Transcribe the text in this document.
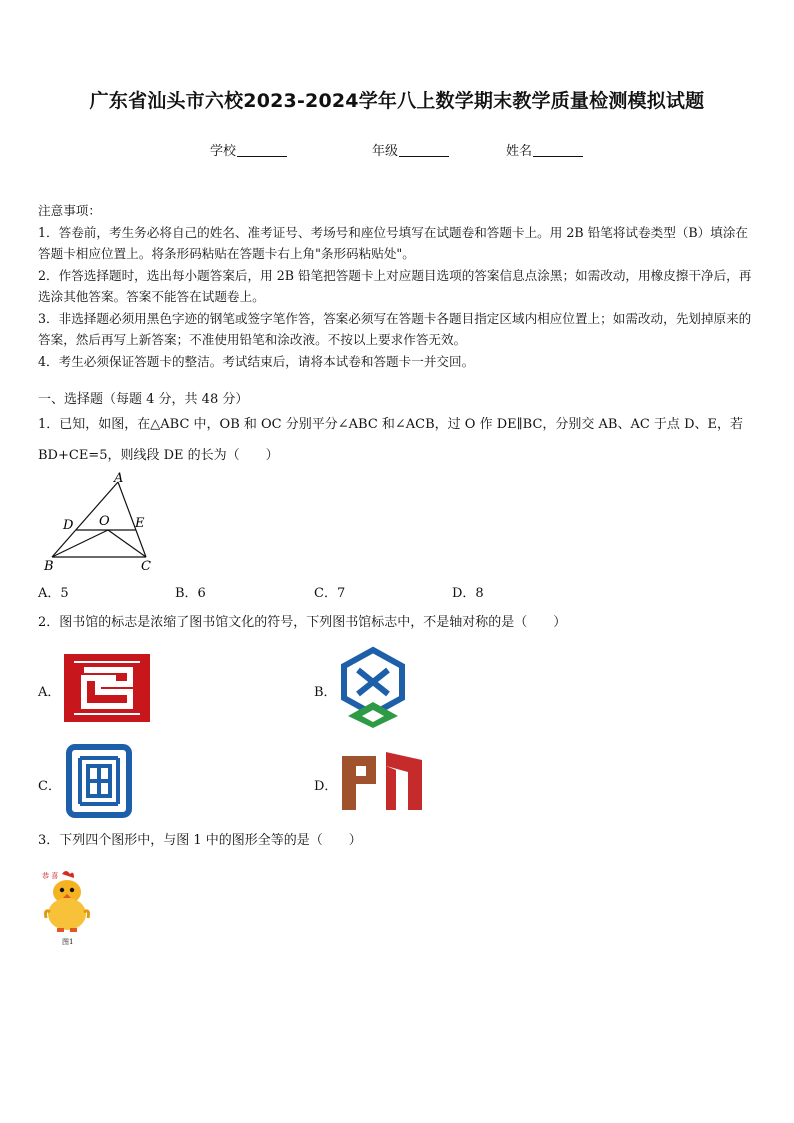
广东省汕头市六校2023-2024学年八上数学期末教学质量检测模拟试题
学校	年级	姓名

注意事项：

1．答卷前，考生务必将自己的姓名、准考证号、考场号和座位号填写在试题卷和答题卡上。用 2B 铅笔将试卷类型（B）填涂在答题卡相应位置上。将条形码粘贴在答题卡右上角"条形码粘贴处"。

2．作答选择题时，选出每小题答案后，用 2B 铅笔把答题卡上对应题目选项的答案信息点涂黑；如需改动，用橡皮擦干净后，再选涂其他答案。答案不能答在试题卷上。

3．非选择题必须用黑色字迹的钢笔或签字笔作答，答案必须写在答题卡各题目指定区域内相应位置上；如需改动，先划掉原来的答案，然后再写上新答案；不准使用铅笔和涂改液。不按以上要求作答无效。

4．考生必须保证答题卡的整洁。考试结束后，请将本试卷和答题卡一并交回。

一、选择题（每题 4 分，共 48 分）
1．已知，如图，在△ABC 中，OB 和 OC 分别平分∠ABC 和∠ACB，过 O 作 DE∥BC，分别交 AB、AC 于点 D、E，若
BD+CE=5，则线段 DE 的长为（　　）
A
D O E
B	C
A．5	B．6	C．7	D．8
2．图书馆的标志是浓缩了图书馆文化的符号，下列图书馆标志中，不是轴对称的是（　　）
A．	B．
C．	D．
3．下列四个图形中，与图 1 中的图形全等的是（　　）
恭 喜
图1
